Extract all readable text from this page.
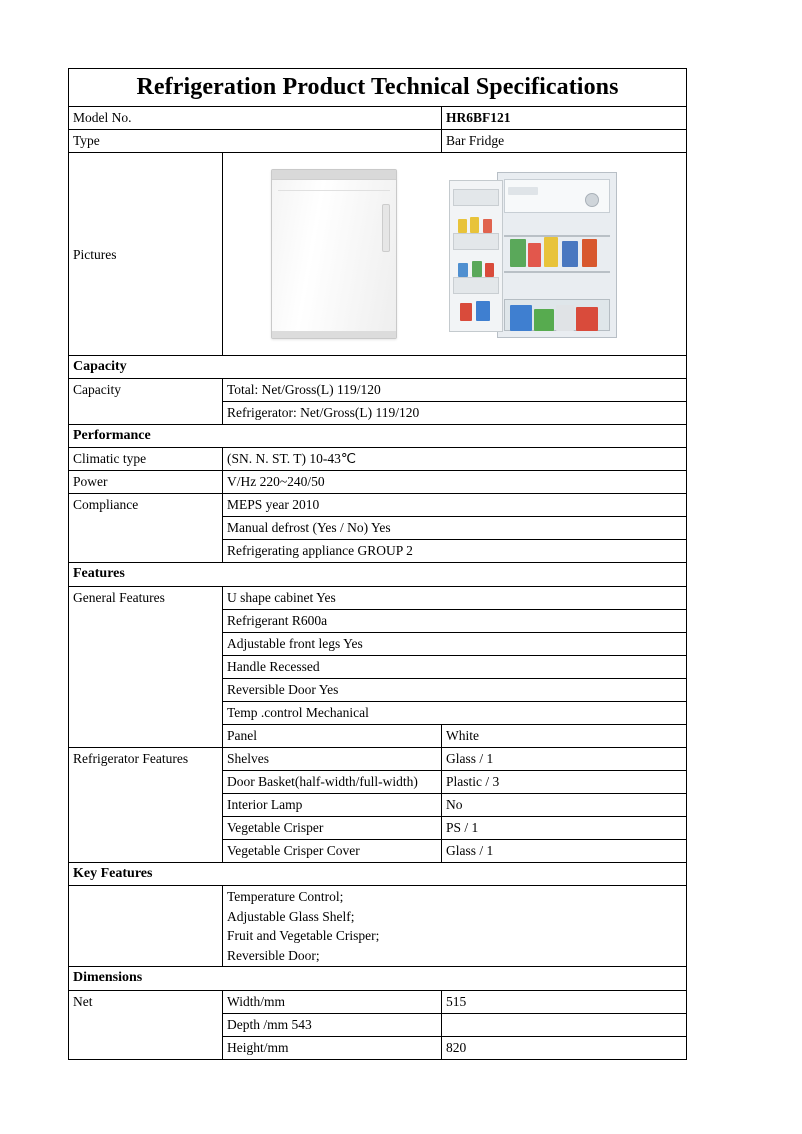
Refrigeration Product Technical Specifications		
Model No.		HR6BF121
Type		Bar Fridge

Pictures		

Capacity		
Capacity	Total: Net/Gross(L) 119/120	
	Refrigerator: Net/Gross(L) 119/120	
Performance		
Climatic type	(SN. N. ST. T) 10-43℃	
Power	V/Hz 220~240/50	
Compliance	MEPS year 2010	
	Manual defrost (Yes / No) Yes	

	Refrigerating appliance GROUP 2	

Features		
General Features	U shape cabinet Yes	
	Refrigerant R600a	
	Adjustable front legs Yes	
	Handle Recessed	
	Reversible Door Yes	
	Temp .control Mechanical	
	Panel	White
Refrigerator Features	Shelves	Glass / 1

	Door Basket(half-width/full-width)	Plastic / 3
	Interior Lamp	No
	Vegetable Crisper	PS / 1
	Vegetable Crisper Cover	Glass / 1
Key Features		

	Temperature Control;
Adjustable Glass Shelf;
Fruit and Vegetable Crisper;
Reversible Door;	

Dimensions		
Net	Width/mm	515
	Depth /mm 543	
	Height/mm	820
